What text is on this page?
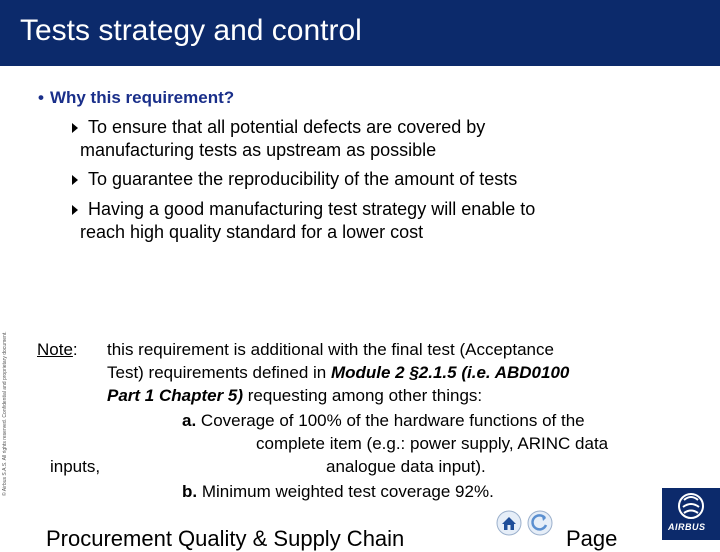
Tests strategy and control
© Airbus S.A.S. All rights reserved. Confidential and proprietary document.
• Why this requirement?
To ensure that all potential defects are covered by
manufacturing tests as upstream as possible
To guarantee the reproducibility of the amount of tests
Having a good manufacturing test strategy will enable to
reach high quality standard for a lower cost
Note: this requirement is additional with the final test (Acceptance
Test) requirements defined in Module 2 §2.1.5 (i.e. ABD0100
Part 1 Chapter 5) requesting among other things:
a. Coverage of 100% of the hardware functions of the
complete item (e.g.: power supply, ARINC data
inputs,	analogue data input).
b. Minimum weighted test coverage 92%.
Procurement Quality & Supply Chain	Page	AIRBUS
